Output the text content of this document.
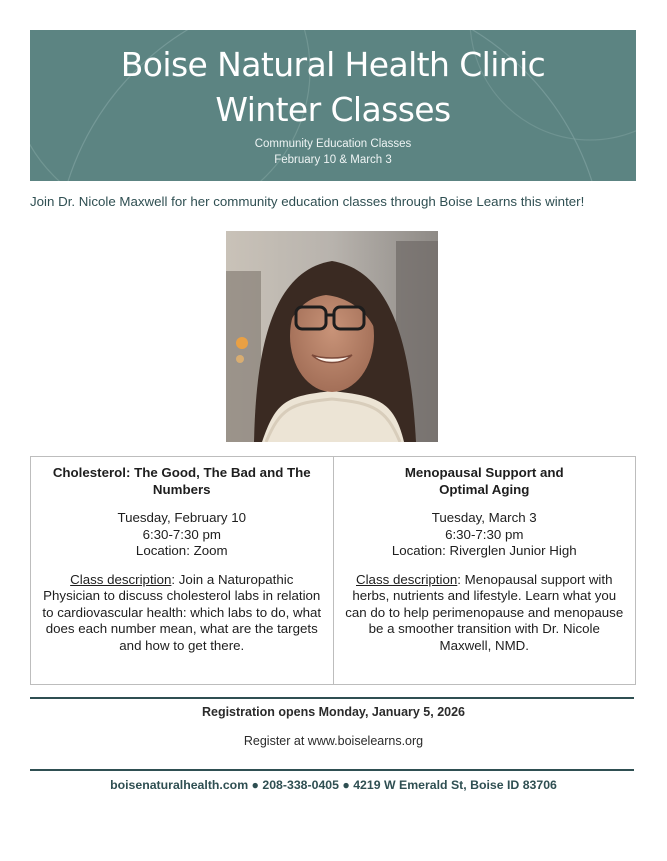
Boise Natural Health Clinic
Winter Classes
Community Education Classes
February 10 & March 3
Join Dr. Nicole Maxwell for her community education classes through Boise Learns this winter!
Cholesterol: The Good, The Bad and The Numbers
Tuesday, February 10
6:30-7:30 pm
Location: Zoom
Class description: Join a Naturopathic Physician to discuss cholesterol labs in relation to cardiovascular health: which labs to do, what does each number mean, what are the targets and how to get there.
Menopausal Support and Optimal Aging
Tuesday, March 3
6:30-7:30 pm
Location: Riverglen Junior High
Class description: Menopausal support with herbs, nutrients and lifestyle. Learn what you can do to help perimenopause and menopause be a smoother transition with Dr. Nicole Maxwell, NMD.
Registration opens Monday, January 5, 2026
Register at www.boiselearns.org
boisenaturalhealth.com ● 208-338-0405 ● 4219 W Emerald St, Boise ID 83706
